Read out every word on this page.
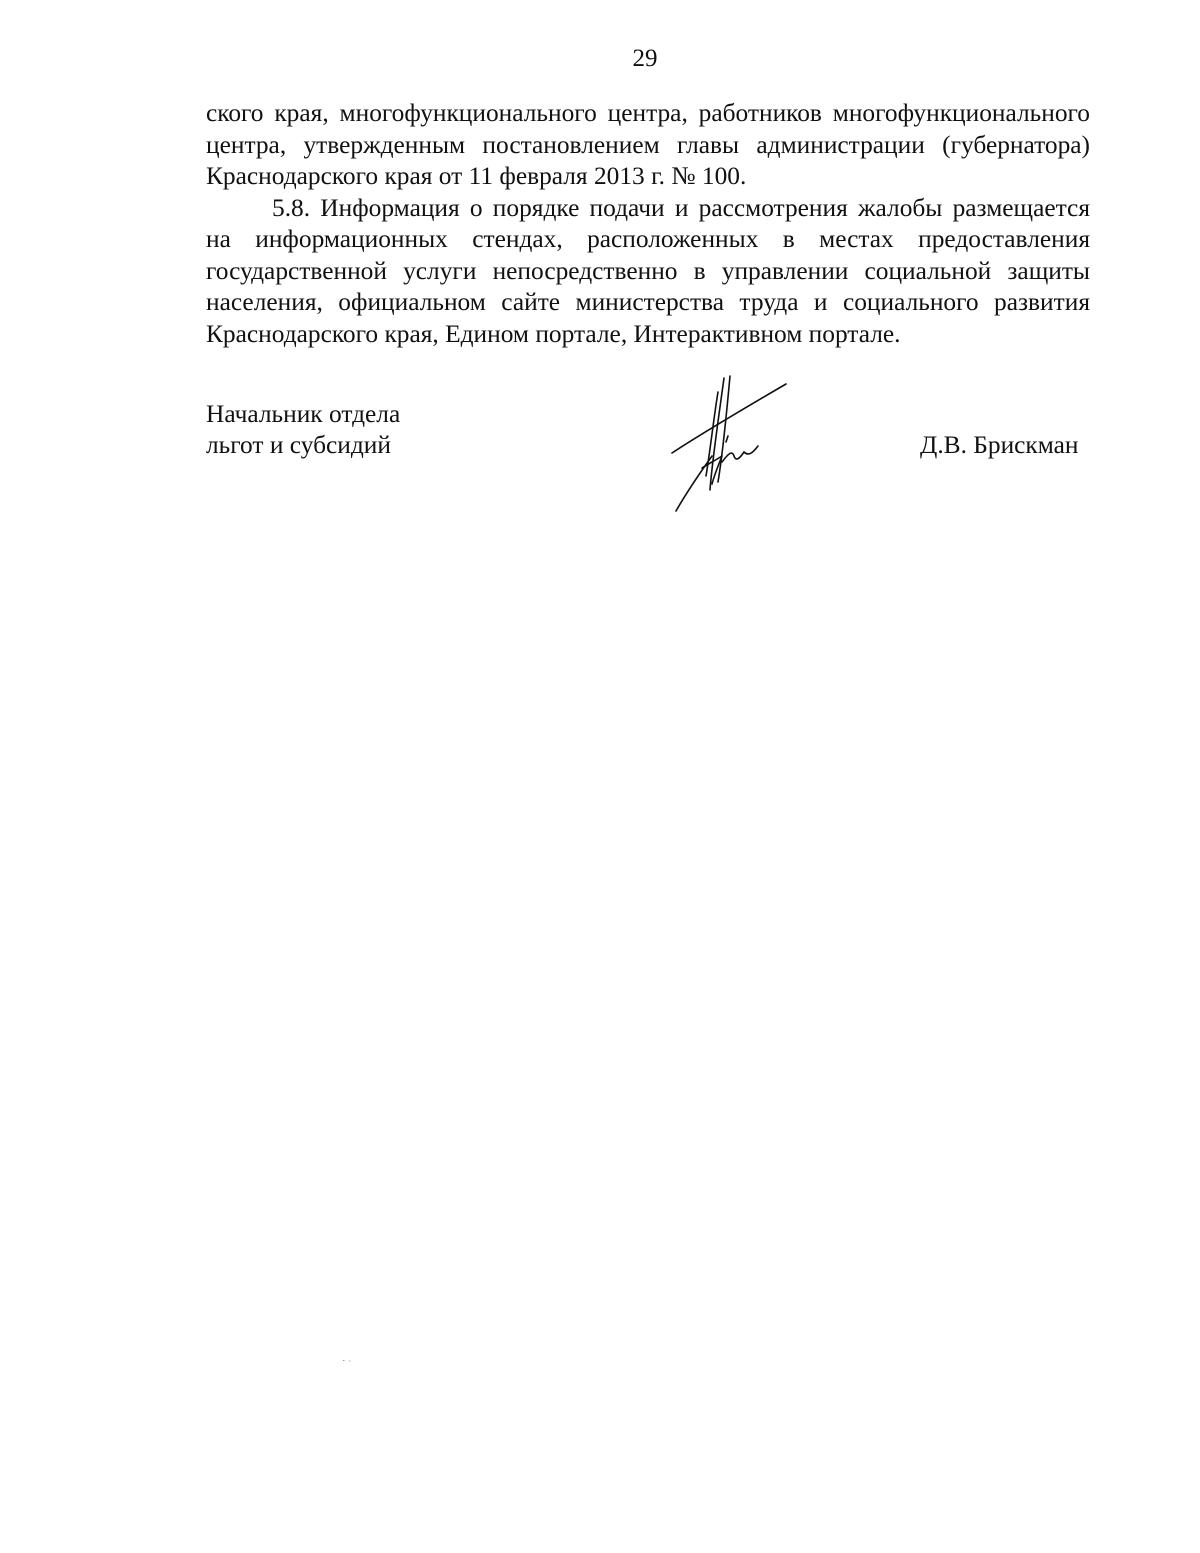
29

ского края, многофункционального центра, работников многофункционального центра, утвержденным постановлением главы администрации (губернатора) Краснодарского края от 11 февраля 2013 г. № 100.

5.8. Информация о порядке подачи и рассмотрения жалобы размещается на информационных стендах, расположенных в местах предоставления государственной услуги непосредственно в управлении социальной защиты населения, официальном сайте министерства труда и социального развития Краснодарского края, Едином портале, Интерактивном портале.

Начальник отдела
льгот и субсидий	Д.В. Брискман
